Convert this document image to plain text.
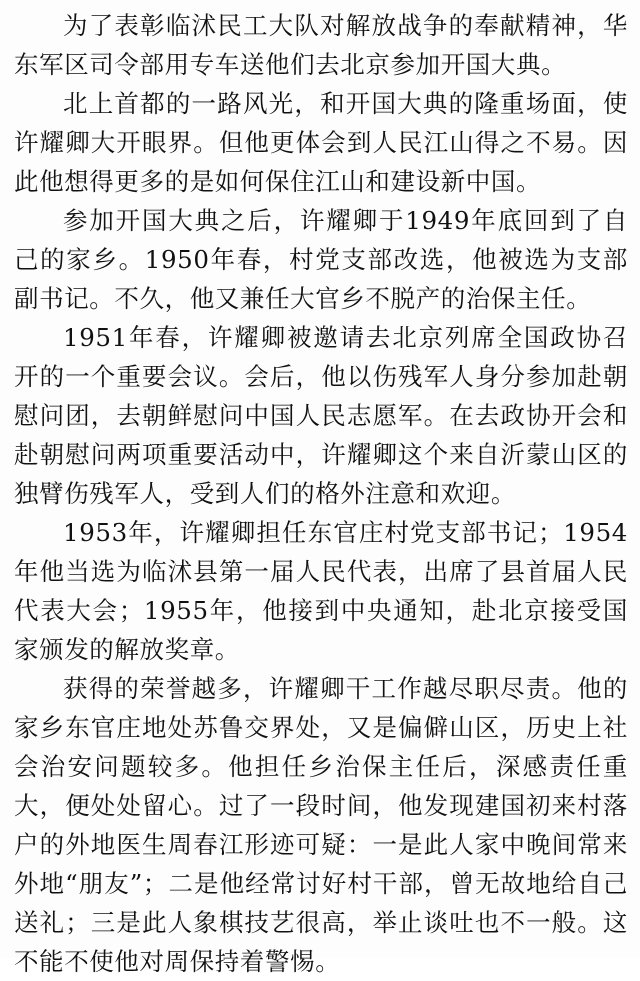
为了表彰临沭民工大队对解放战争的奉献精神，华东军区司令部用专车送他们去北京参加开国大典。

北上首都的一路风光，和开国大典的隆重场面，使许耀卿大开眼界。但他更体会到人民江山得之不易。因此他想得更多的是如何保住江山和建设新中国。

参加开国大典之后，许耀卿于1949年底回到了自己的家乡。1950年春，村党支部改选，他被选为支部副书记。不久，他又兼任大官乡不脱产的治保主任。

1951年春，许耀卿被邀请去北京列席全国政协召开的一个重要会议。会后，他以伤残军人身分参加赴朝慰问团，去朝鲜慰问中国人民志愿军。在去政协开会和赴朝慰问两项重要活动中，许耀卿这个来自沂蒙山区的独臂伤残军人，受到人们的格外注意和欢迎。

1953年，许耀卿担任东官庄村党支部书记；1954年他当选为临沭县第一届人民代表，出席了县首届人民代表大会；1955年，他接到中央通知，赴北京接受国家颁发的解放奖章。

获得的荣誉越多，许耀卿干工作越尽职尽责。他的家乡东官庄地处苏鲁交界处，又是偏僻山区，历史上社会治安问题较多。他担任乡治保主任后，深感责任重大，便处处留心。过了一段时间，他发现建国初来村落户的外地医生周春江形迹可疑：一是此人家中晚间常来外地“朋友”；二是他经常讨好村干部，曾无故地给自己送礼；三是此人象棋技艺很高，举止谈吐也不一般。这不能不使他对周保持着警惕。
